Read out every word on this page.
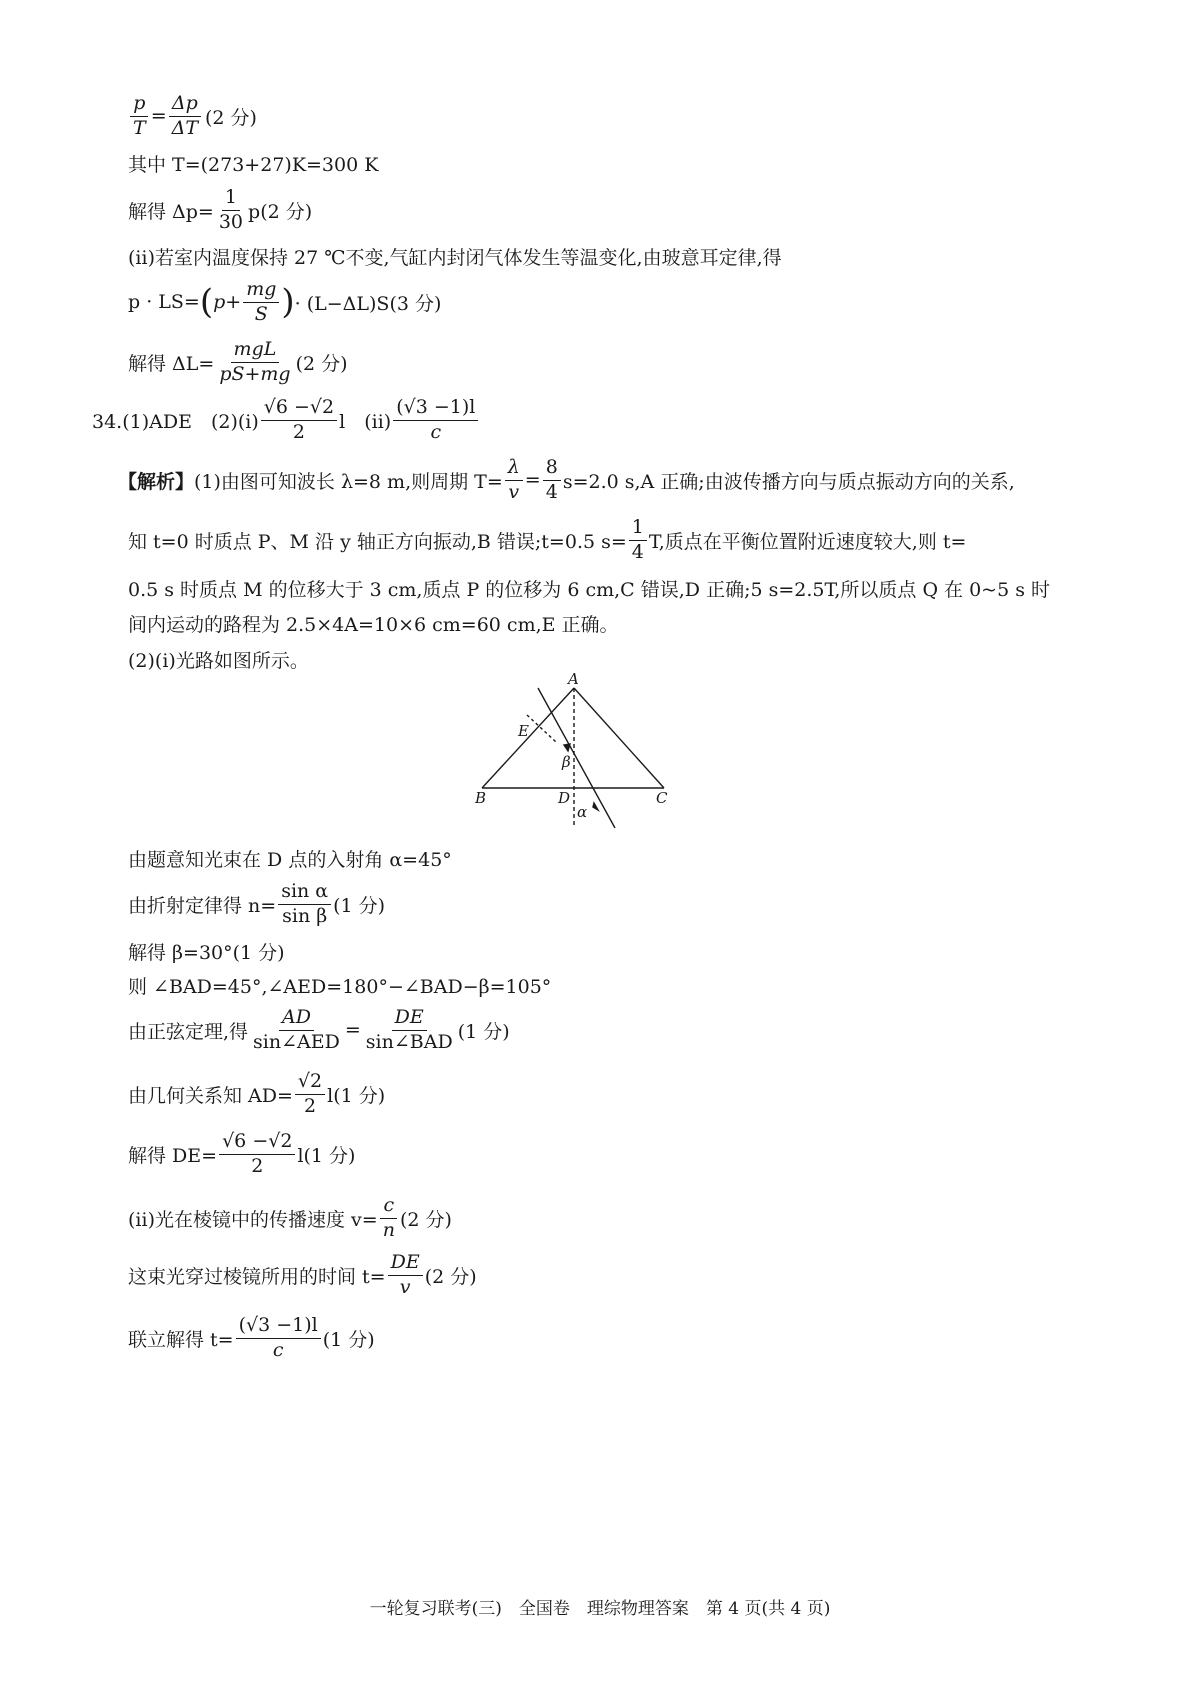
$\frac{p}{T} = \frac{\Delta p}{\Delta T} (2$ 分)
其中 T=(273+27)K=300 K
解得 $\Delta p= \frac{1}{30} p(2$ 分)
(ⅱ)若室内温度保持 27 ℃不变,气缸内封闭气体发生等温变化,由玻意耳定律,得
p · LS= ( $p+ \frac{mg}{S}$ ) · (L−ΔL)S(3 分)
解得 $\Delta L= \frac{\text{mgL}}{pS+mg} (2$ 分)
34.(1)ADE　(2)(ⅰ) $\frac{√6 -√2}{2}$ l　(ⅱ) $\frac{(√3 -1)l}{c}$
【解析】 (1)由图可知波长 λ=8 m,则周期 $T= \frac{\lambda}{v} = \frac{8}{4} s=2.0$ s,A 正确;由波传播方向与质点振动方向的关系,
知 t=0 时质点 P、M 沿 y 轴正方向振动,B 错误;t=0.5 $s= \frac{1}{4} T$,质点在平衡位置附近速度较大,则 t=
0.5 s 时质点 M 的位移大于 3 cm,质点 P 的位移为 6 cm,C 错误,D 正确;5 s=2.5T,所以质点 Q 在 0~5 s 时
间内运动的路程为 2.5×4A=10×6 cm=60 cm,E 正确。
(2)(ⅰ)光路如图所示。
A
B	C
D
E
α
β
由题意知光束在 D 点的入射角 α=45°
由折射定律得 $n= \frac{\text{sin α}}{\text{sin β}} (1$ 分)
解得 β=30°(1 分)
则 ∠BAD=45°,∠AED=180°−∠BAD−β=105°
由正弦定理,得 $\frac{AD}{\text{sin∠AED}} = \frac{DE}{\text{sin∠BAD}} (1$ 分)
由几何关系知 $AD= \frac{√2}{2} l(1$ 分)
解得 $DE= \frac{√6 -√2}{2} l(1$ 分)
(ⅱ)光在棱镜中的传播速度 $v= \frac{c}{n} (2$ 分)
这束光穿过棱镜所用的时间 $t= \frac{DE}{v} (2$ 分)
联立解得 $t= \frac{(√3 -1)l}{c} (1$ 分)
一轮复习联考(三)　全国卷　理综物理答案　第 4 页(共 4 页)
